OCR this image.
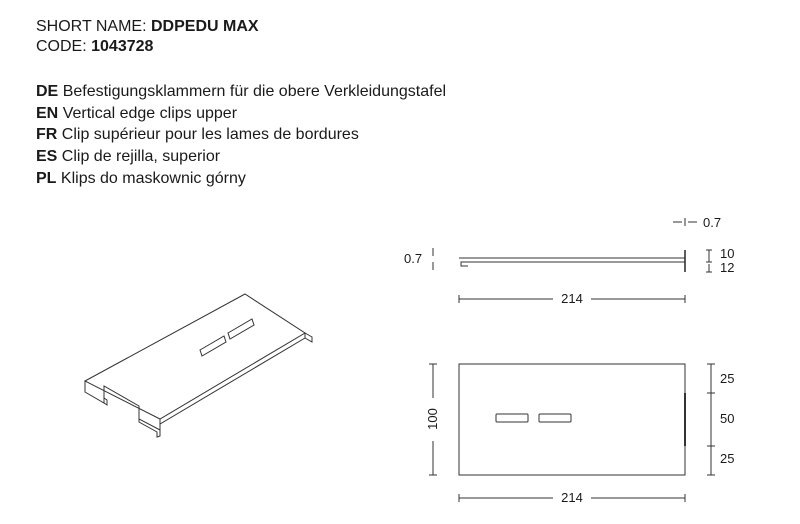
SHORT NAME: DDPEDU MAX
CODE: 1043728
DE Befestigungsklammern für die obere Verkleidungstafel
EN Vertical edge clips upper
FR Clip supérieur pour les lames de bordures
ES Clip de rejilla, superior
PL Klips do maskownic górny
0.7
0.7	10
12
214
100
25
50
25
214
